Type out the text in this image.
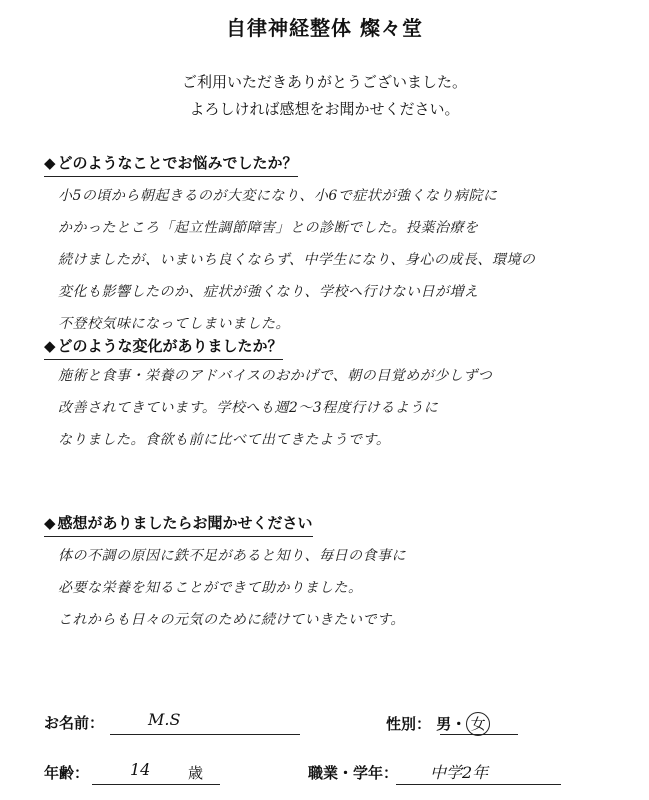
自律神経整体 燦々堂
ご利用いただきありがとうございました。
よろしければ感想をお聞かせください。
◆ どのようなことでお悩みでしたか？
小5の頃から朝起きるのが大変になり、小6で症状が強くなり病院に
かかったところ「起立性調節障害」との診断でした。投薬治療を
続けましたが、いまいち良くならず、中学生になり、身心の成長、環境の
変化も影響したのか、症状が強くなり、学校へ行けない日が増え
不登校気味になってしまいました。
◆ どのような変化がありましたか？
施術と食事・栄養のアドバイスのおかげで、朝の目覚めが少しずつ
改善されてきています。学校へも週2〜3程度行けるように
なりました。食欲も前に比べて出てきたようです。
◆ 感想がありましたらお聞かせください
体の不調の原因に鉄不足があると知り、毎日の食事に
必要な栄養を知ることができて助かりました。
これからも日々の元気のために続けていきたいです。
お名前：	M.S	性別： 男・ 女
年齢：	14	歳	職業・学年： 中学2年
